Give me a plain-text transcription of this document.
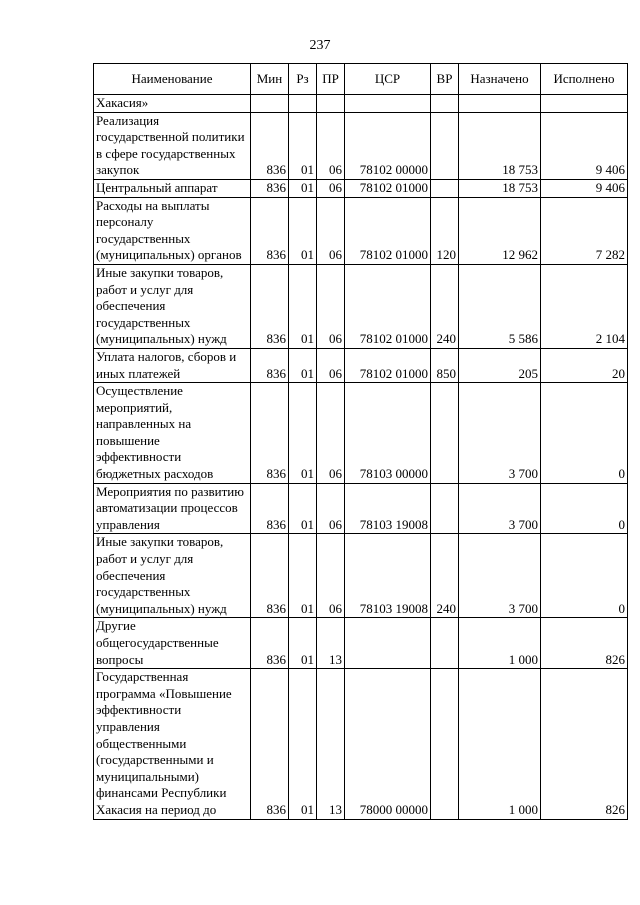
237
Наименование	Мин	Рз	ПР	ЦСР	ВР	Назначено	Исполнено
Хакасия»							
Реализация государственной политики в сфере государственных закупок	836	01	06	78102 00000		18 753	9 406
Центральный аппарат	836	01	06	78102 01000		18 753	9 406
Расходы на выплаты персоналу государственных (муниципальных) органов	836	01	06	78102 01000	120	12 962	7 282
Иные закупки товаров, работ и услуг для обеспечения государственных (муниципальных) нужд	836	01	06	78102 01000	240	5 586	2 104
Уплата налогов, сборов и иных платежей	836	01	06	78102 01000	850	205	20
Осуществление мероприятий, направленных на повышение эффективности бюджетных расходов	836	01	06	78103 00000		3 700	0
Мероприятия по развитию автоматизации процессов управления	836	01	06	78103 19008		3 700	0
Иные закупки товаров, работ и услуг для обеспечения государственных (муниципальных) нужд	836	01	06	78103 19008	240	3 700	0
Другие общегосударственные вопросы	836	01	13			1 000	826
Государственная программа «Повышение эффективности управления общественными (государственными и муниципальными) финансами Республики Хакасия на период до	836	01	13	78000 00000		1 000	826
